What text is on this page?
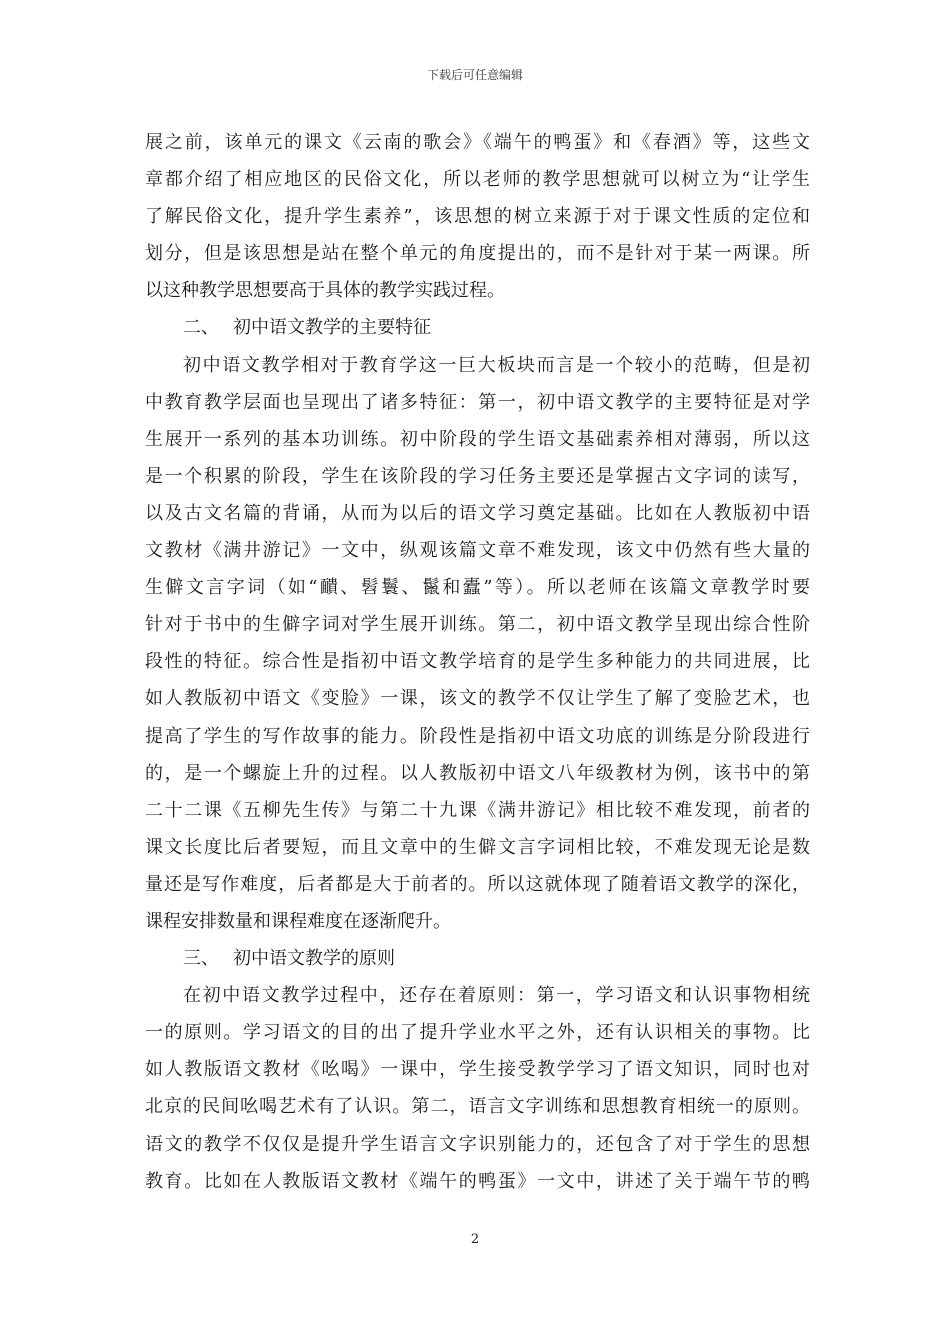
下载后可任意编辑
展之前，该单元的课文《云南的歌会》《端午的鸭蛋》和《春酒》等，这些文
章都介绍了相应地区的民俗文化，所以老师的教学思想就可以树立为“让学生
了解民俗文化，提升学生素养”，该思想的树立来源于对于课文性质的定位和
划分，但是该思想是站在整个单元的角度提出的，而不是针对于某一两课。所
以这种教学思想要高于具体的教学实践过程。
二、 初中语文教学的主要特征
初中语文教学相对于教育学这一巨大板块而言是一个较小的范畴，但是初
中教育教学层面也呈现出了诸多特征：第一，初中语文教学的主要特征是对学
生展开一系列的基本功训练。初中阶段的学生语文基础素养相对薄弱，所以这
是一个积累的阶段，学生在该阶段的学习任务主要还是掌握古文字词的读写，
以及古文名篇的背诵，从而为以后的语文学习奠定基础。比如在人教版初中语
文教材《满井游记》一文中，纵观该篇文章不难发现，该文中仍然有些大量的
生僻文言字词（如“靧、髫鬟、鬣和蠹”等）。所以老师在该篇文章教学时要
针对于书中的生僻字词对学生展开训练。第二，初中语文教学呈现出综合性阶
段性的特征。综合性是指初中语文教学培育的是学生多种能力的共同进展，比
如人教版初中语文《变脸》一课，该文的教学不仅让学生了解了变脸艺术，也
提高了学生的写作故事的能力。阶段性是指初中语文功底的训练是分阶段进行
的，是一个螺旋上升的过程。以人教版初中语文八年级教材为例，该书中的第
二十二课《五柳先生传》与第二十九课《满井游记》相比较不难发现，前者的
课文长度比后者要短，而且文章中的生僻文言字词相比较，不难发现无论是数
量还是写作难度，后者都是大于前者的。所以这就体现了随着语文教学的深化，
课程安排数量和课程难度在逐渐爬升。
三、 初中语文教学的原则
在初中语文教学过程中，还存在着原则：第一，学习语文和认识事物相统
一的原则。学习语文的目的出了提升学业水平之外，还有认识相关的事物。比
如人教版语文教材《吆喝》一课中，学生接受教学学习了语文知识，同时也对
北京的民间吆喝艺术有了认识。第二，语言文字训练和思想教育相统一的原则。
语文的教学不仅仅是提升学生语言文字识别能力的，还包含了对于学生的思想
教育。比如在人教版语文教材《端午的鸭蛋》一文中，讲述了关于端午节的鸭
2
